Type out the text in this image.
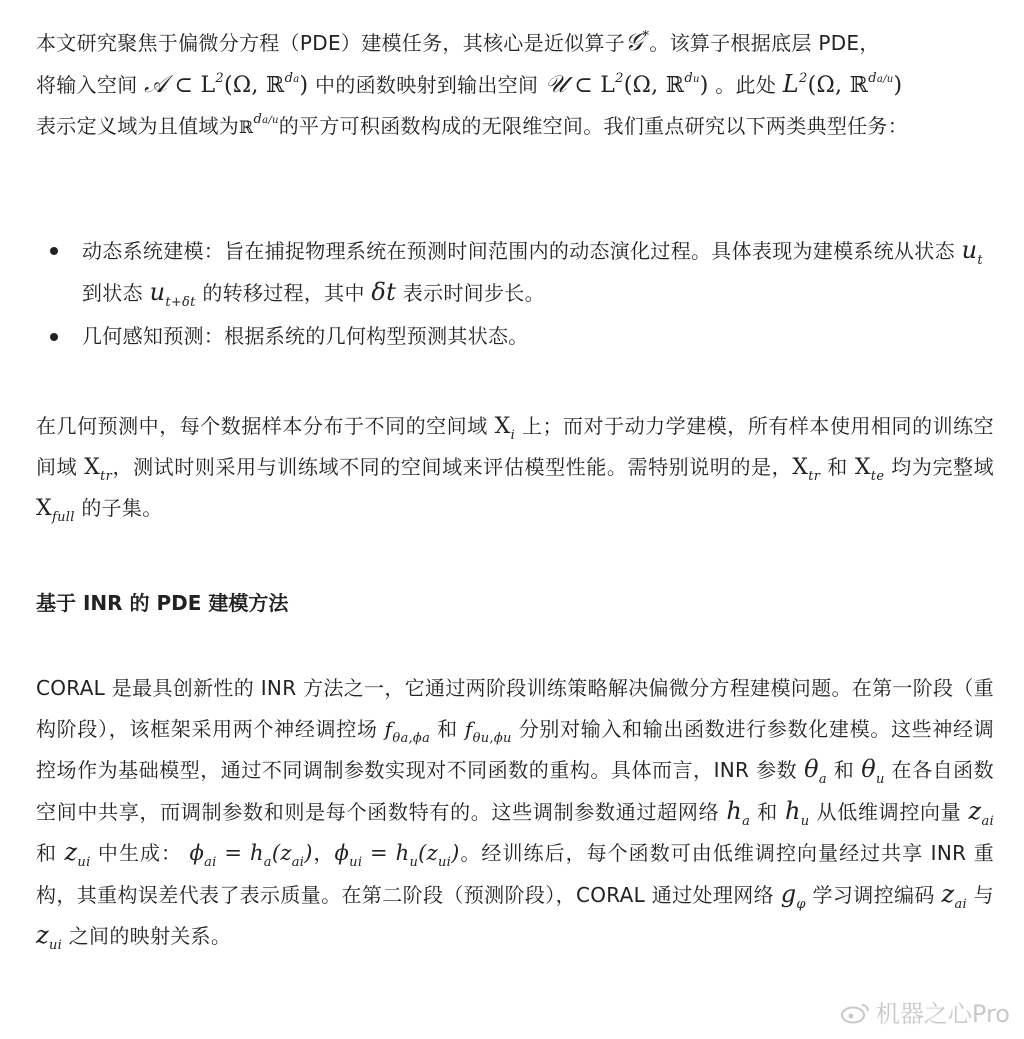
本文研究聚焦于偏微分方程（PDE）建模任务，其核心是近似算子𝒢*。该算子根据底层 PDE，
将输入空间 𝒜 ⊂ $L^2(\Omega$, ℝ$^{da}$) 中的函数映射到输出空间 𝒰 ⊂ $L^2(\Omega$, ℝ$^{du}$) 。此处 $L^2(\Omega$, ℝ$^{da/u}$)
表示定义域为且值域为ℝ$^{da/u}$的平方可积函数构成的无限维空间。我们重点研究以下两类典型任务：

动态系统建模：旨在捕捉物理系统在预测时间范围内的动态演化过程。具体表现为建模系统从状态 $u_t$ 到状态 $u_{t+\delta t}$ 的转移过程，其中 δt 表示时间步长。
几何感知预测：根据系统的几何构型预测其状态。

在几何预测中，每个数据样本分布于不同的空间域 $X_i$ 上；而对于动力学建模，所有样本使用相同的训练空间域 $X_{tr}$，测试时则采用与训练域不同的空间域来评估模型性能。需特别说明的是，$X_{tr}$ 和 $X_{te}$ 均为完整域 $X_{full}$ 的子集。

基于 INR 的 PDE 建模方法

CORAL 是最具创新性的 INR 方法之一，它通过两阶段训练策略解决偏微分方程建模问题。在第一阶段（重构阶段），该框架采用两个神经调控场 $f_{\theta a,\phi a}$ 和 $f_{\theta u,\phi u}$ 分别对输入和输出函数进行参数化建模。这些神经调控场作为基础模型，通过不同调制参数实现对不同函数的重构。具体而言，INR 参数 $\theta_a$ 和 $\theta_u$ 在各自函数空间中共享，而调制参数和则是每个函数特有的。这些调制参数通过超网络 $h_a$ 和 $h_u$ 从低维调控向量 $z_{ai}$ 和 $z_{ui}$ 中生成： $\phi_{ai} = h_a(z_{ai})$，$\phi_{ui} = h_u(z_{ui})$。经训练后，每个函数可由低维调控向量经过共享 INR 重构，其重构误差代表了表示质量。在第二阶段（预测阶段），CORAL 通过处理网络 $g_\varphi$ 学习调控编码 $z_{ai}$ 与 $z_{ui}$ 之间的映射关系。

机器之心Pro
